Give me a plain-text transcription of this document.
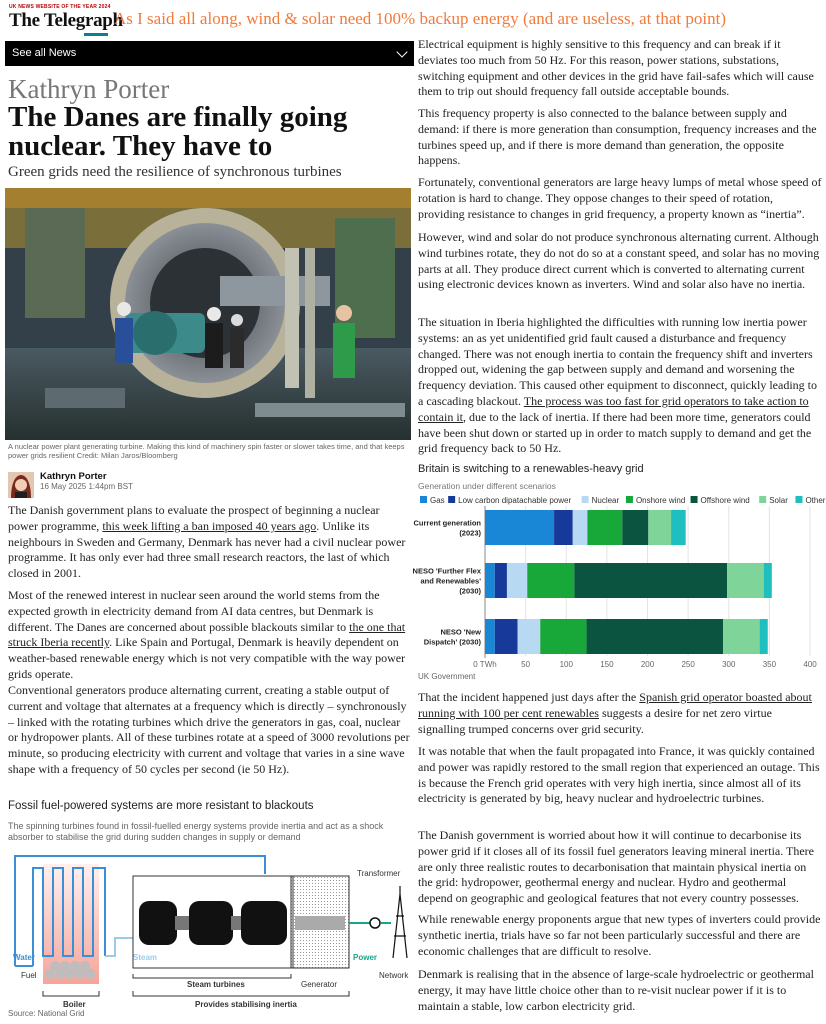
UK NEWS WEBSITE OF THE YEAR 2024
The Telegraph
As I said all along, wind & solar need 100% backup energy (and are useless, at that point)
See all News
Kathryn Porter
The Danes are finally going nuclear. They have to
Green grids need the resilience of synchronous turbines
A nuclear power plant generating turbine. Making this kind of machinery spin faster or slower takes time, and that keeps power grids resilient Credit: Milan Jaros/Bloomberg
Kathryn Porter
16 May 2025 1:44pm BST
The Danish government plans to evaluate the prospect of beginning a nuclear power programme, this week lifting a ban imposed 40 years ago. Unlike its neighbours in Sweden and Germany, Denmark has never had a civil nuclear power programme. It has only ever had three small research reactors, the last of which closed in 2001.
Most of the renewed interest in nuclear seen around the world stems from the expected growth in electricity demand from AI data centres, but Denmark is different. The Danes are concerned about possible blackouts similar to the one that struck Iberia recently. Like Spain and Portugal, Denmark is heavily dependent on weather-based renewable energy which is not very compatible with the way power grids operate.
Conventional generators produce alternating current, creating a stable output of current and voltage that alternates at a frequency which is directly – synchronously – linked with the rotating turbines which drive the generators in gas, coal, nuclear or hydropower plants. All of these turbines rotate at a speed of 3000 revolutions per minute, so producing electricity with current and voltage that varies in a sine wave shape with a frequency of 50 cycles per second (ie 50 Hz).
Fossil fuel-powered systems are more resistant to blackouts
The spinning turbines found in fossil-fuelled energy systems provide inertia and act as a shock absorber to stabilise the grid during sudden changes in supply or demand
Water
Fuel
Boiler
Steam
Steam turbines	Generator
Provides stabilising inertia
Transformer
Power
Network
Source: National Grid
Electrical equipment is highly sensitive to this frequency and can break if it deviates too much from 50 Hz. For this reason, power stations, substations, switching equipment and other devices in the grid have fail-safes which will cause them to trip out should frequency fall outside acceptable bounds.
This frequency property is also connected to the balance between supply and demand: if there is more generation than consumption, frequency increases and the turbines speed up, and if there is more demand than generation, the opposite happens.
Fortunately, conventional generators are large heavy lumps of metal whose speed of rotation is hard to change. They oppose changes to their speed of rotation, providing resistance to changes in grid frequency, a property known as “inertia”.
However, wind and solar do not produce synchronous alternating current. Although wind turbines rotate, they do not do so at a constant speed, and solar has no moving parts at all. They produce direct current which is converted to alternating current using electronic devices known as inverters. Wind and solar also have no inertia.
The situation in Iberia highlighted the difficulties with running low inertia power systems: an as yet unidentified grid fault caused a disturbance and frequency changed. There was not enough inertia to contain the frequency shift and inverters dropped out, widening the gap between supply and demand and worsening the frequency deviation. This caused other equipment to disconnect, quickly leading to a cascading blackout. The process was too fast for grid operators to take action to contain it, due to the lack of inertia. If there had been more time, generators could have been shut down or started up in order to match supply to demand and get the grid frequency back to 50 Hz.
Britain is switching to a renewables-heavy grid
Generation under different scenarios
Gas Low carbon dipatachable power	Nuclear Onshore wind Offshore wind Solar Other
0 TWh	50	100	150	200	250	300	350	400
Current generation
(2023)
NESO 'Further Flex
and Renewables'
(2030)
NESO 'New
Dispatch' (2030)
UK Government
That the incident happened just days after the Spanish grid operator boasted about running with 100 per cent renewables suggests a desire for net zero virtue signalling trumped concerns over grid security.
It was notable that when the fault propagated into France, it was quickly contained and power was rapidly restored to the small region that experienced an outage. This is because the French grid operates with very high inertia, since almost all of its electricity is generated by big, heavy nuclear and hydroelectric turbines.
The Danish government is worried about how it will continue to decarbonise its power grid if it closes all of its fossil fuel generators leaving mineral inertia. There are only three realistic routes to decarbonisation that maintain physical inertia on the grid: hydropower, geothermal energy and nuclear. Hydro and geothermal depend on geographic and geological features that not every country possesses.
While renewable energy proponents argue that new types of inverters could provide synthetic inertia, trials have so far not been particularly successful and there are economic challenges that are difficult to resolve.
Denmark is realising that in the absence of large-scale hydroelectric or geothermal energy, it may have little choice other than to re-visit nuclear power if it is to maintain a stable, low carbon electricity grid.
